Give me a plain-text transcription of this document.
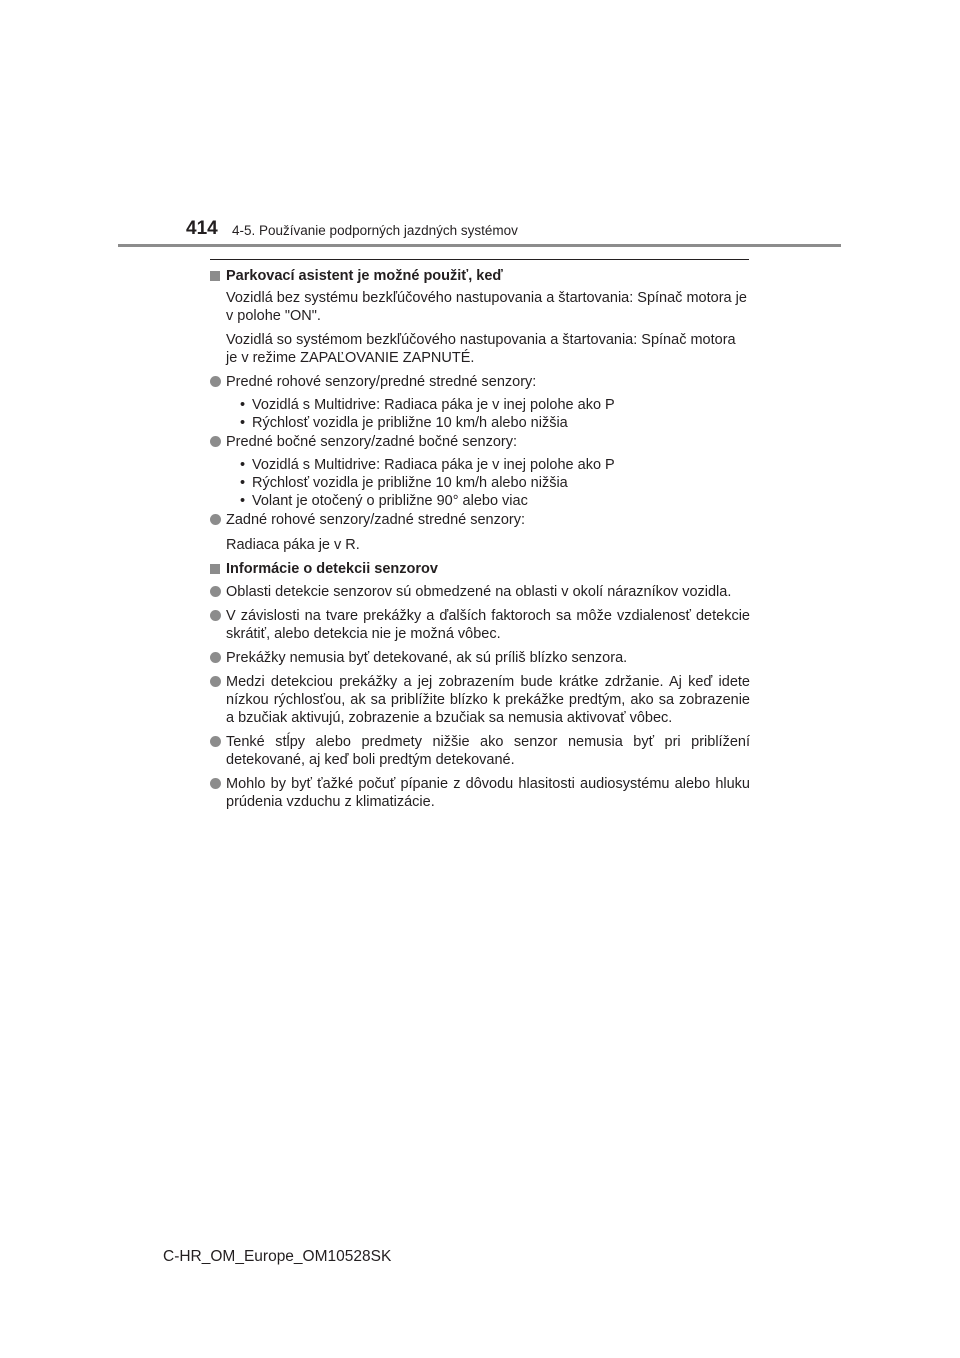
414 4-5. Používanie podporných jazdných systémov
Parkovací asistent je možné použiť, keď
Vozidlá bez systému bezkľúčového nastupovania a štartovania: Spínač motora je v polohe "ON".
Vozidlá so systémom bezkľúčového nastupovania a štartovania: Spínač motora je v režime ZAPAĽOVANIE ZAPNUTÉ.
Predné rohové senzory/predné stredné senzory:
• Vozidlá s Multidrive: Radiaca páka je v inej polohe ako P
• Rýchlosť vozidla je približne 10 km/h alebo nižšia
Predné bočné senzory/zadné bočné senzory:
• Vozidlá s Multidrive: Radiaca páka je v inej polohe ako P
• Rýchlosť vozidla je približne 10 km/h alebo nižšia
• Volant je otočený o približne 90° alebo viac
Zadné rohové senzory/zadné stredné senzory:
Radiaca páka je v R.
Informácie o detekcii senzorov
Oblasti detekcie senzorov sú obmedzené na oblasti v okolí nárazníkov vozidla.
V závislosti na tvare prekážky a ďalších faktoroch sa môže vzdialenosť detekcie skrátiť, alebo detekcia nie je možná vôbec.
Prekážky nemusia byť detekované, ak sú príliš blízko senzora.
Medzi detekciou prekážky a jej zobrazením bude krátke zdržanie. Aj keď idete nízkou rýchlosťou, ak sa priblížite blízko k prekážke predtým, ako sa zobrazenie a bzučiak aktivujú, zobrazenie a bzučiak sa nemusia aktivovať vôbec.
Tenké stĺpy alebo predmety nižšie ako senzor nemusia byť pri priblížení detekované, aj keď boli predtým detekované.
Mohlo by byť ťažké počuť pípanie z dôvodu hlasitosti audiosystému alebo hluku prúdenia vzduchu z klimatizácie.
C-HR_OM_Europe_OM10528SK
